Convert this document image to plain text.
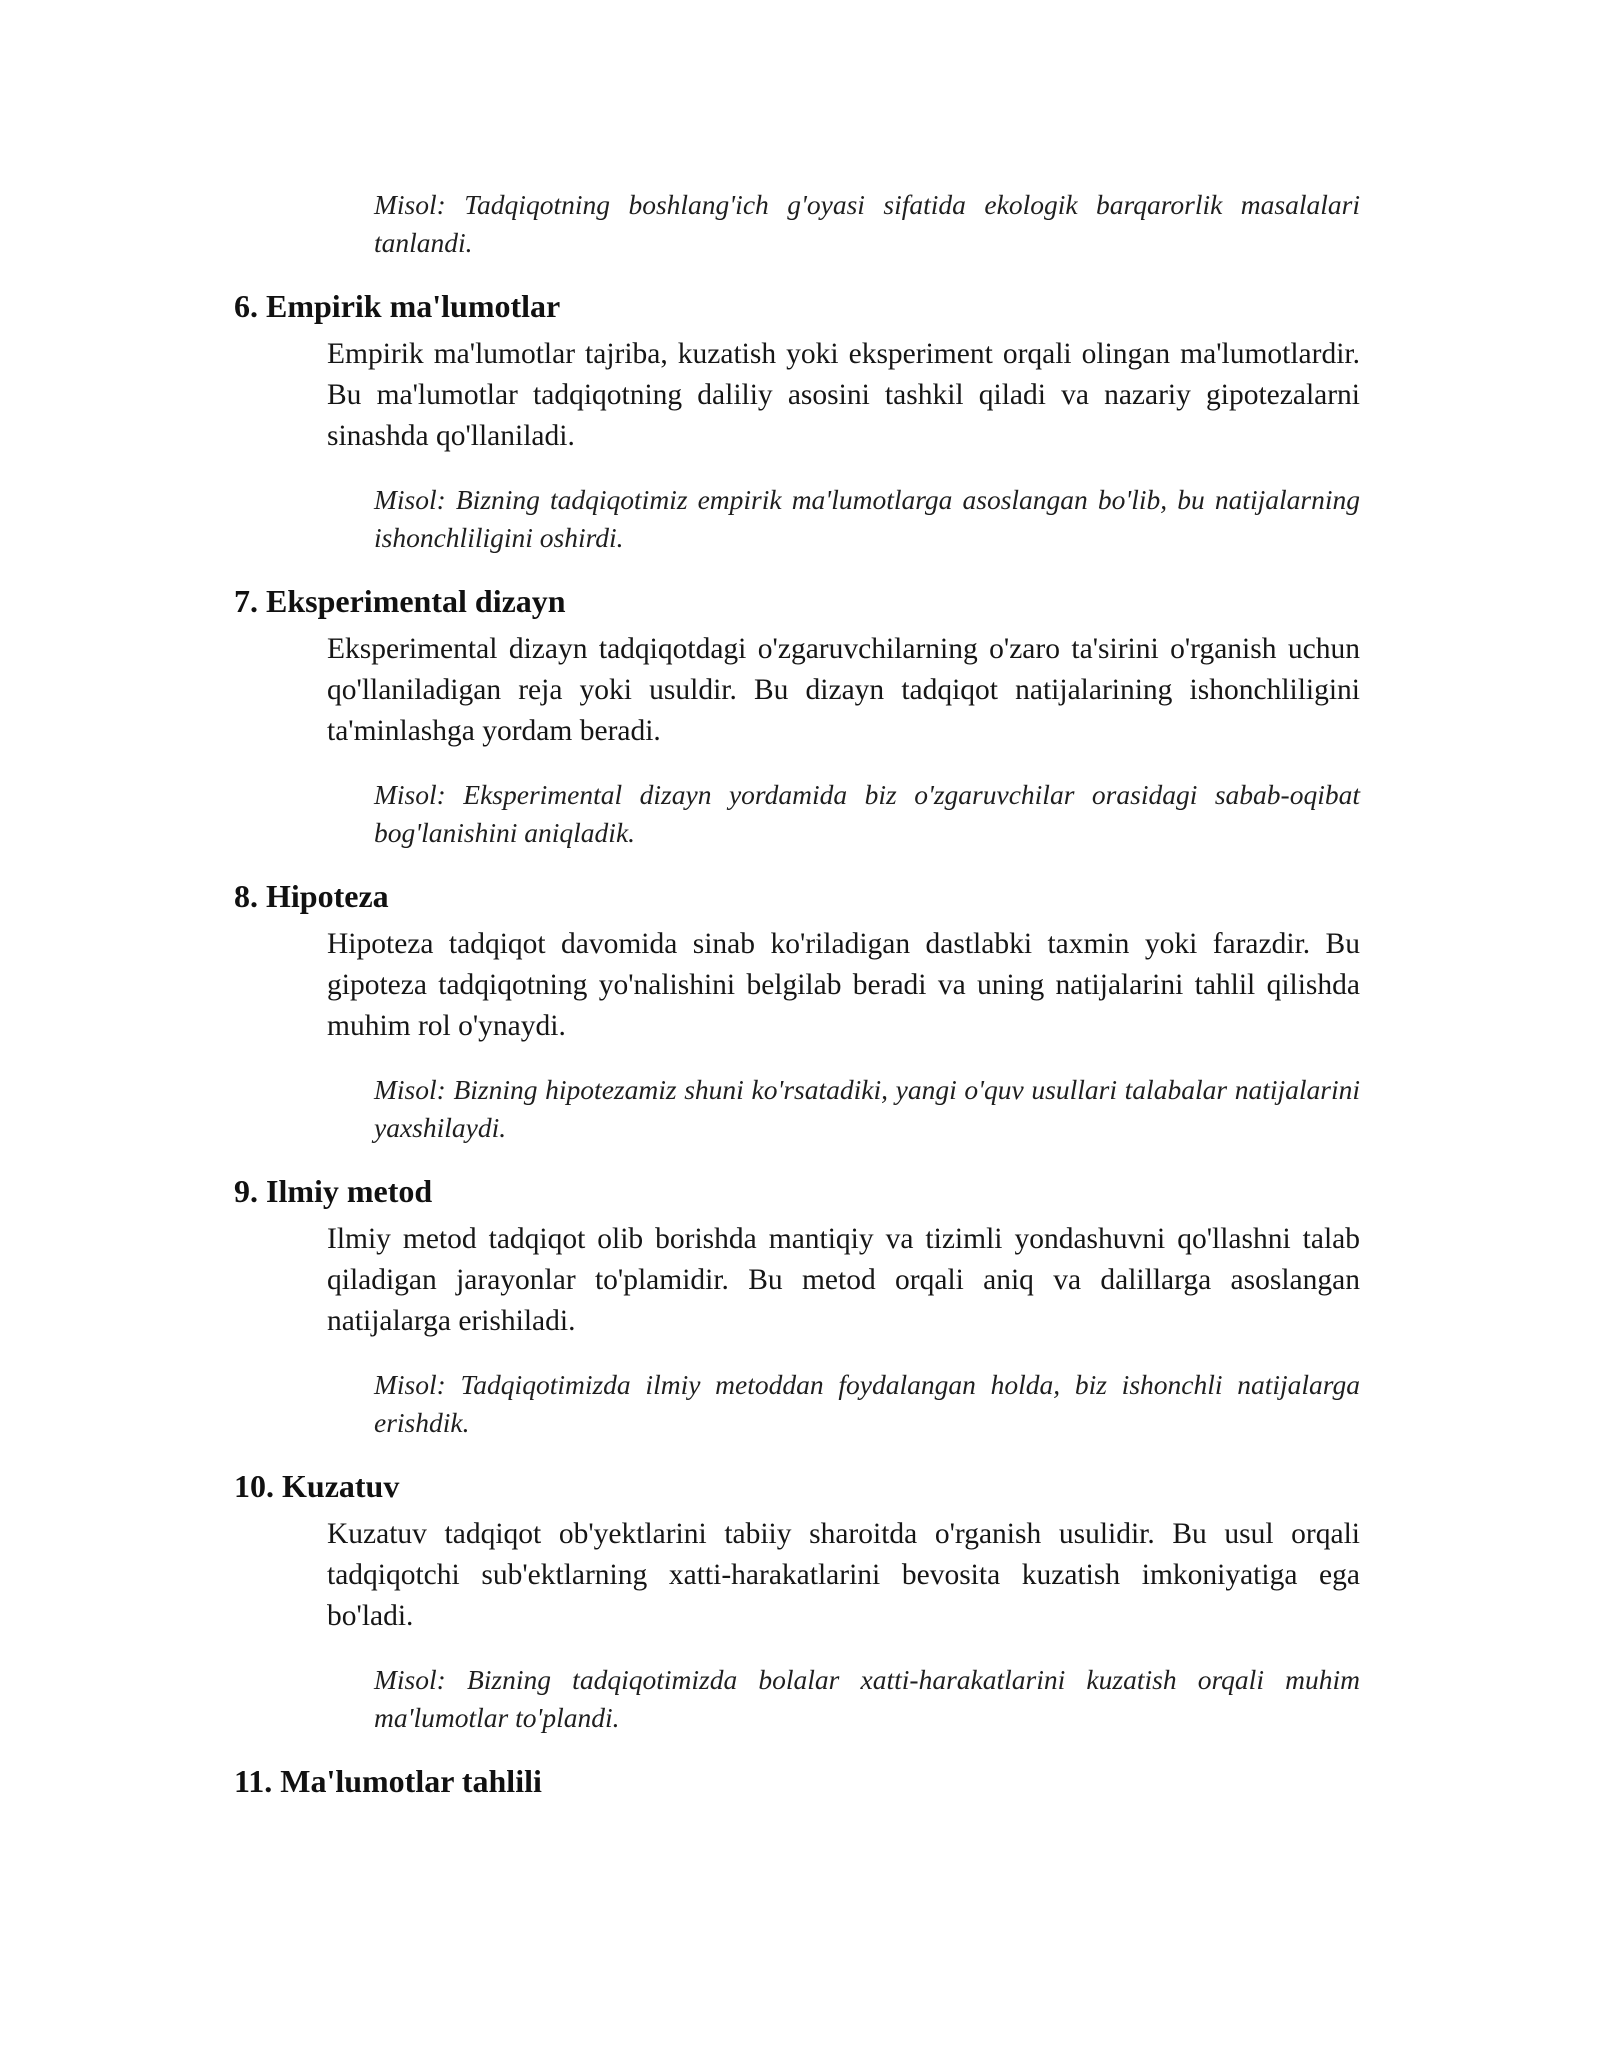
Misol: Tadqiqotning boshlang'ich g'oyasi sifatida ekologik barqarorlik masalalari tanlandi.
6. Empirik ma'lumotlar
Empirik ma'lumotlar tajriba, kuzatish yoki eksperiment orqali olingan ma'lumotlardir. Bu ma'lumotlar tadqiqotning daliliy asosini tashkil qiladi va nazariy gipotezalarni sinashda qo'llaniladi.
Misol: Bizning tadqiqotimiz empirik ma'lumotlarga asoslangan bo'lib, bu natijalarning ishonchliligini oshirdi.
7. Eksperimental dizayn
Eksperimental dizayn tadqiqotdagi o'zgaruvchilarning o'zaro ta'sirini o'rganish uchun qo'llaniladigan reja yoki usuldir. Bu dizayn tadqiqot natijalarining ishonchliligini ta'minlashga yordam beradi.
Misol: Eksperimental dizayn yordamida biz o'zgaruvchilar orasidagi sabab-oqibat bog'lanishini aniqladik.
8. Hipoteza
Hipoteza tadqiqot davomida sinab ko'riladigan dastlabki taxmin yoki farazdir. Bu gipoteza tadqiqotning yo'nalishini belgilab beradi va uning natijalarini tahlil qilishda muhim rol o'ynaydi.
Misol: Bizning hipotezamiz shuni ko'rsatadiki, yangi o'quv usullari talabalar natijalarini yaxshilaydi.
9. Ilmiy metod
Ilmiy metod tadqiqot olib borishda mantiqiy va tizimli yondashuvni qo'llashni talab qiladigan jarayonlar to'plamidir. Bu metod orqali aniq va dalillarga asoslangan natijalarga erishiladi.
Misol: Tadqiqotimizda ilmiy metoddan foydalangan holda, biz ishonchli natijalarga erishdik.
10. Kuzatuv
Kuzatuv tadqiqot ob'yektlarini tabiiy sharoitda o'rganish usulidir. Bu usul orqali tadqiqotchi sub'ektlarning xatti-harakatlarini bevosita kuzatish imkoniyatiga ega bo'ladi.
Misol: Bizning tadqiqotimizda bolalar xatti-harakatlarini kuzatish orqali muhim ma'lumotlar to'plandi.
11. Ma'lumotlar tahlili
